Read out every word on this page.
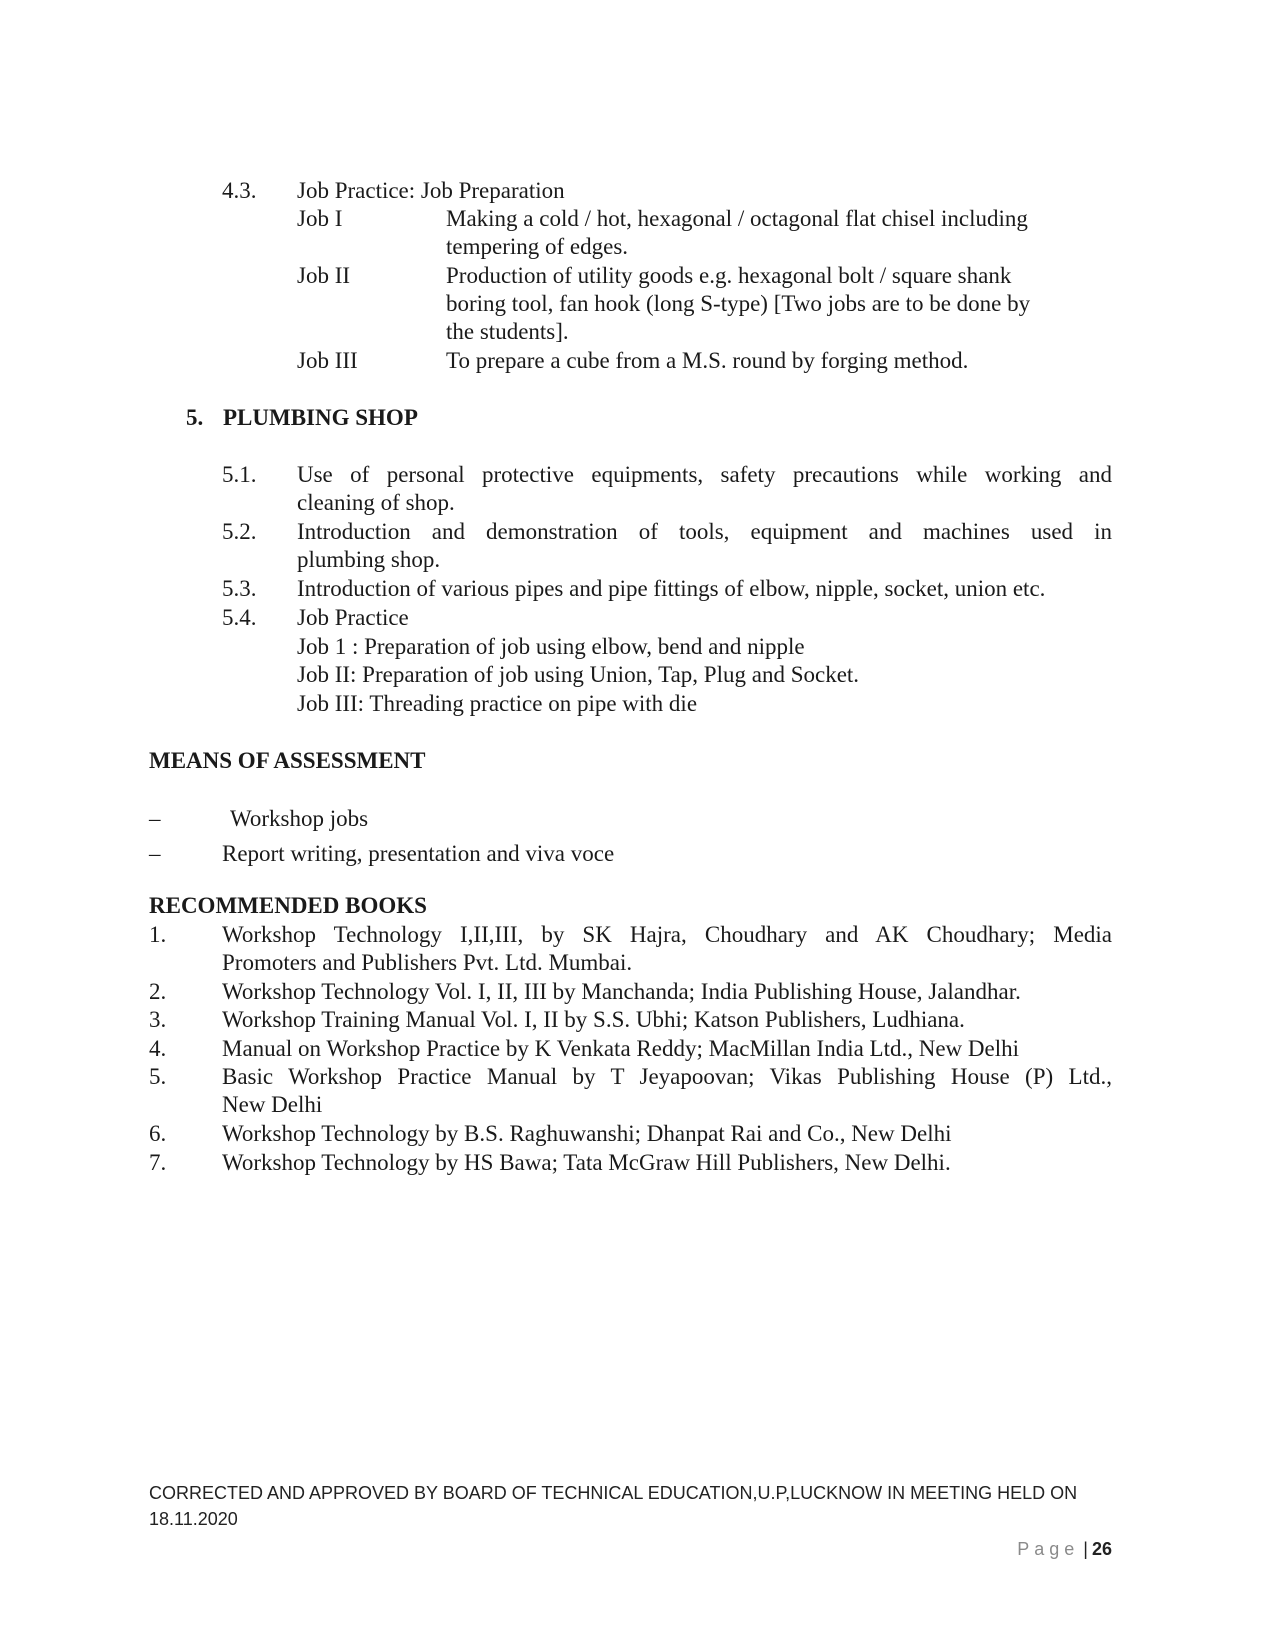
4.3. Job Practice: Job Preparation
Job I	Making a cold / hot, hexagonal / octagonal flat chisel including
tempering of edges.
Job II	Production of utility goods e.g. hexagonal bolt / square shank
boring tool, fan hook (long S-type) [Two jobs are to be done by
the students].
Job III	To prepare a cube from a M.S. round by forging method.
5. PLUMBING SHOP
5.1. Use of personal protective equipments, safety precautions while working and
cleaning of shop.
5.2. Introduction and demonstration of tools, equipment and machines used in
plumbing shop.
5.3. Introduction of various pipes and pipe fittings of elbow, nipple, socket, union etc.
5.4. Job Practice
Job 1 : Preparation of job using elbow, bend and nipple
Job II: Preparation of job using Union, Tap, Plug and Socket.
Job III: Threading practice on pipe with die
MEANS OF ASSESSMENT
–	Workshop jobs
–	Report writing, presentation and viva voce
RECOMMENDED BOOKS
1. Workshop Technology I,II,III, by SK Hajra, Choudhary and AK Choudhary; Media
Promoters and Publishers Pvt. Ltd. Mumbai.
2. Workshop Technology Vol. I, II, III by Manchanda; India Publishing House, Jalandhar.
3. Workshop Training Manual Vol. I, II by S.S. Ubhi; Katson Publishers, Ludhiana.
4. Manual on Workshop Practice by K Venkata Reddy; MacMillan India Ltd., New Delhi
5. Basic Workshop Practice Manual by T Jeyapoovan; Vikas Publishing House (P) Ltd.,
New Delhi
6. Workshop Technology by B.S. Raghuwanshi; Dhanpat Rai and Co., New Delhi
7. Workshop Technology by HS Bawa; Tata McGraw Hill Publishers, New Delhi.
CORRECTED AND APPROVED BY BOARD OF TECHNICAL EDUCATION,U.P,LUCKNOW IN MEETING HELD ON
18.11.2020
Page | 26
